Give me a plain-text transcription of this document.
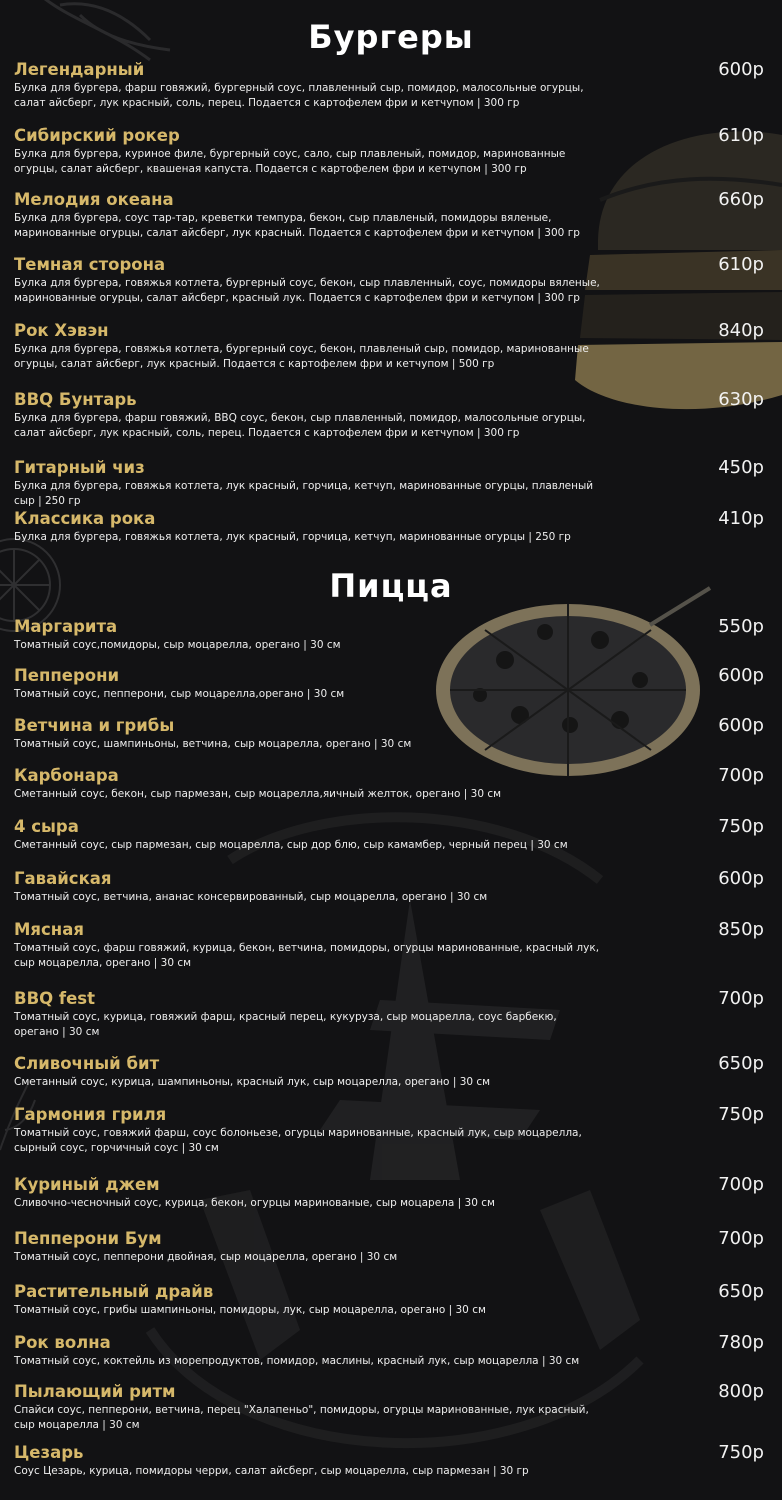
Бургеры
Легендарный	600р
Булка для бургера, фарш говяжий, бургерный соус, плавленный сыр, помидор, малосольные огурцы, салат айсберг, лук красный, соль, перец. Подается с картофелем фри и кетчупом | 300 гр
Сибирский рокер	610р
Булка для бургера, куриное филе, бургерный соус, сало, сыр плавленый, помидор, маринованные огурцы, салат айсберг, квашеная капуста. Подается с картофелем фри и кетчупом | 300 гр
Мелодия океана	660р
Булка для бургера, соус тар-тар, креветки темпура, бекон, сыр плавленый, помидоры вяленые, маринованные огурцы, салат айсберг, лук красный. Подается с картофелем фри и кетчупом | 300 гр
Темная сторона	610р
Булка для бургера, говяжья котлета, бургерный соус, бекон, сыр плавленный, соус, помидоры вяленые, маринованные огурцы, салат айсберг, красный лук. Подается с картофелем фри и кетчупом | 300 гр
Рок Хэвэн	840р
Булка для бургера, говяжья котлета, бургерный соус, бекон, плавленый сыр, помидор, маринованные огурцы, салат айсберг, лук красный. Подается с картофелем фри и кетчупом | 500 гр
BBQ Бунтарь	630р
Булка для бургера, фарш говяжий, BBQ соус, бекон, сыр плавленный, помидор, малосольные огурцы, салат айсберг, лук красный, соль, перец. Подается с картофелем фри и кетчупом | 300 гр
Гитарный чиз	450р
Булка для бургера, говяжья котлета, лук красный, горчица, кетчуп, маринованные огурцы, плавленый сыр | 250 гр
Классика рока	410р
Булка для бургера, говяжья котлета, лук красный, горчица, кетчуп, маринованные огурцы | 250 гр
Пицца
Маргарита	550р
Томатный соус,помидоры, сыр моцарелла, орегано | 30 см
Пепперони	600р
Томатный соус, пепперони, сыр моцарелла,орегано | 30 см
Ветчина и грибы	600р
Томатный соус, шампиньоны, ветчина, сыр моцарелла, орегано | 30 см
Карбонара	700р
Сметанный соус, бекон, сыр пармезан, сыр моцарелла,яичный желток, орегано | 30 см
4 сыра	750р
Сметанный соус, сыр пармезан, сыр моцарелла, сыр дор блю, сыр камамбер, черный перец | 30 см
Гавайская	600р
Томатный соус, ветчина, ананас консервированный, сыр моцарелла, орегано | 30 см
Мясная	850р
Томатный соус, фарш говяжий, курица, бекон, ветчина, помидоры, огурцы маринованные, красный лук, сыр моцарелла, орегано | 30 см
BBQ fest	700р
Томатный соус, курица, говяжий фарш, красный перец, кукуруза, сыр моцарелла, соус барбекю, орегано | 30 см
Сливочный бит	650р
Сметанный соус, курица, шампиньоны, красный лук, сыр моцарелла, орегано | 30 см
Гармония гриля	750р
Томатный соус, говяжий фарш, соус болоньезе, огурцы маринованные, красный лук, сыр моцарелла, сырный соус, горчичный соус | 30 см
Куриный джем	700р
Сливочно-чесночный соус, курица, бекон, огурцы маринованые, сыр моцарела | 30 см
Пепперони Бум	700р
Томатный соус, пепперони двойная, сыр моцарелла, орегано | 30 см
Растительный драйв	650р
Томатный соус, грибы шампиньоны, помидоры, лук, сыр моцарелла, орегано | 30 см
Рок волна	780р
Томатный соус, коктейль из морепродуктов, помидор, маслины, красный лук, сыр моцарелла | 30 см
Пылающий ритм	800р
Спайси соус, пепперони, ветчина, перец "Халапеньо", помидоры, огурцы маринованные, лук красный, сыр моцарелла | 30 см
Цезарь	750р
Соус Цезарь, курица, помидоры черри, салат айсберг, сыр моцарелла, сыр пармезан | 30 гр
